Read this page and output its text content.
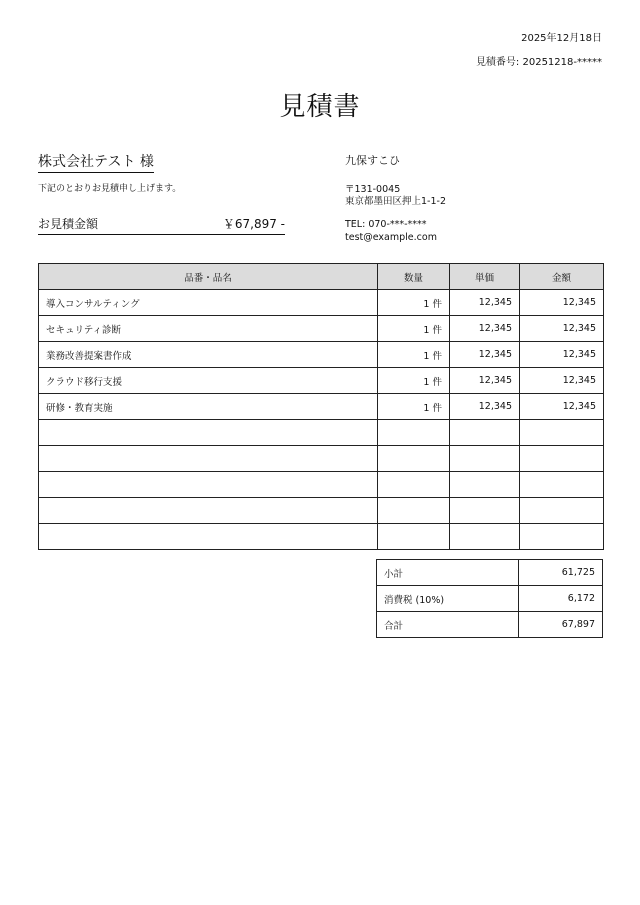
2025年12月18日
見積番号: 20251218-*****
見積書
株式会社テスト 様
下記のとおりお見積申し上げます。
お見積金額	￥67,897 -
九保すこひ
〒131-0045
東京都墨田区押上1-1-2
TEL: 070-***-****
test@example.com
品番・品名	数量	単価	金額
導入コンサルティング	1 件	12,345	12,345
セキュリティ診断	1 件	12,345	12,345
業務改善提案書作成	1 件	12,345	12,345
クラウド移行支援	1 件	12,345	12,345
研修・教育実施	1 件	12,345	12,345

小計	61,725
消費税 (10%)	6,172
合計	67,897
